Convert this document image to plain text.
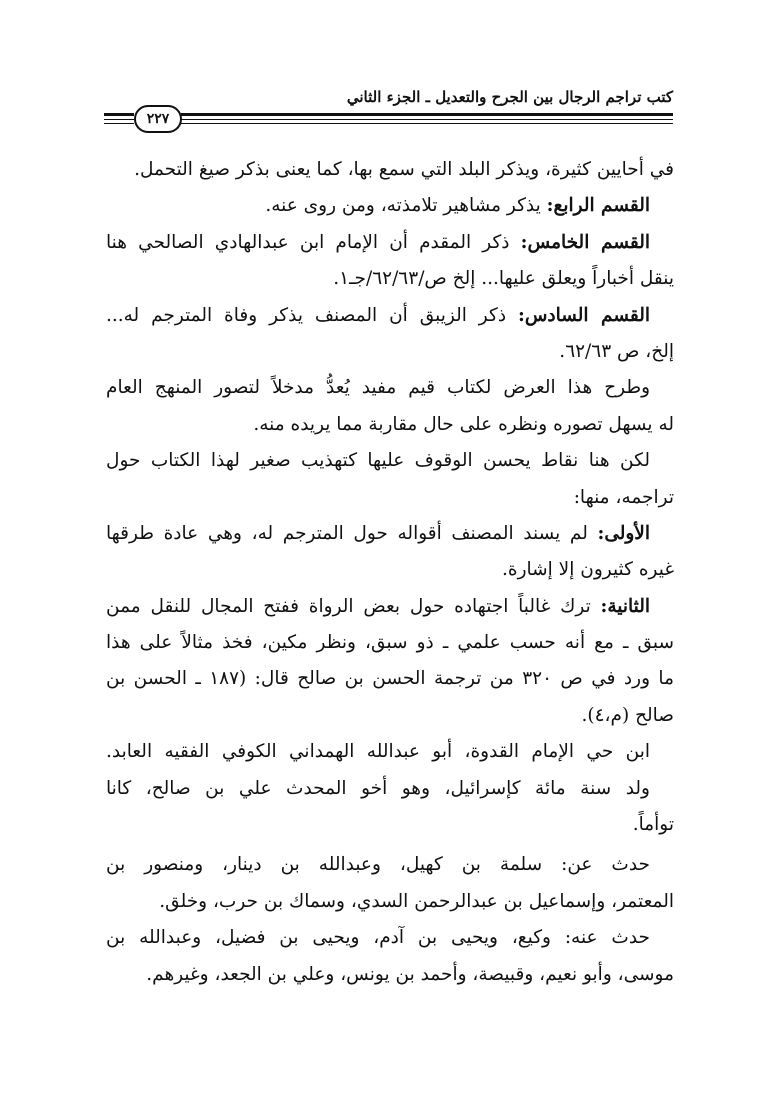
كتب تراجم الرجال بين الجرح والتعديل ـ الجزء الثاني
٢٢٧
في أحايين كثيرة، ويذكر البلد التي سمع بها، كما يعنى بذكر صيغ التحمل.
القسم الرابع: يذكر مشاهير تلامذته، ومن روى عنه.
القسم الخامس: ذكر المقدم أن الإمام ابن عبدالهادي الصالحي هنا
ينقل أخباراً ويعلق عليها... إلخ ص/٦٢/٦٣/جـ١.
القسم السادس: ذكر الزيبق أن المصنف يذكر وفاة المترجم له...
إلخ، ص ٦٢/٦٣.
وطرح هذا العرض لكتاب قيم مفيد يُعدُّ مدخلاً لتصور المنهج العام
له يسهل تصوره ونظره على حال مقاربة مما يريده منه.
لكن هنا نقاط يحسن الوقوف عليها كتهذيب صغير لهذا الكتاب حول
تراجمه، منها:
الأولى: لم يسند المصنف أقواله حول المترجم له، وهي عادة طرقها
غيره كثيرون إلا إشارة.
الثانية: ترك غالباً اجتهاده حول بعض الرواة ففتح المجال للنقل ممن
سبق ـ مع أنه حسب علمي ـ ذو سبق، ونظر مكين، فخذ مثالاً على هذا
ما ورد في ص ٣٢٠ من ترجمة الحسن بن صالح قال: (١٨٧ ـ الحسن بن
صالح (م،٤).
ابن حي الإمام القدوة، أبو عبدالله الهمداني الكوفي الفقيه العابد.
ولد سنة مائة كإسرائيل، وهو أخو المحدث علي بن صالح، كانا
توأماً.
حدث عن: سلمة بن كهيل، وعبدالله بن دينار، ومنصور بن
المعتمر، وإسماعيل بن عبدالرحمن السدي، وسماك بن حرب، وخلق.
حدث عنه: وكيع، ويحيى بن آدم، ويحيى بن فضيل، وعبدالله بن
موسى، وأبو نعيم، وقبيصة، وأحمد بن يونس، وعلي بن الجعد، وغيرهم.
